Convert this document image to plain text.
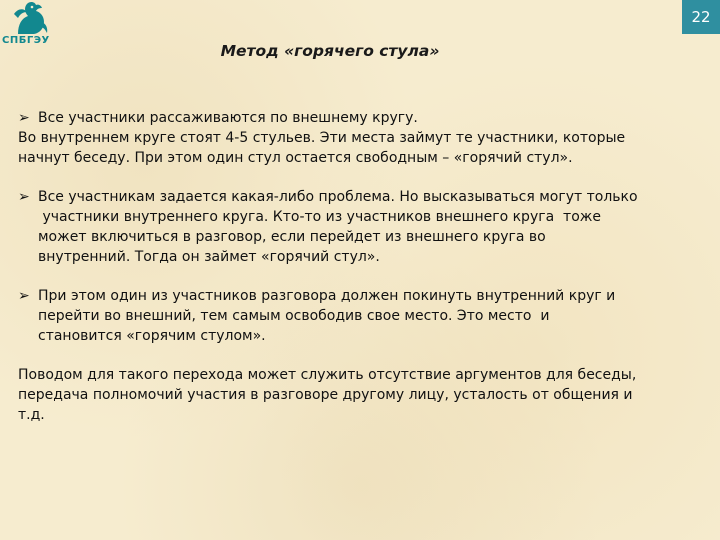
СПБГЭУ
22
Метод «горячего стула»
➢ Все участники рассаживаются по внешнему кругу.
Во внутреннем круге стоят 4-5 стульев. Эти места займут те участники, которые
начнут беседу. При этом один стул остается свободным – «горячий стул».
➢ Все участникам задается какая-либо проблема. Но высказываться могут только
участники внутреннего круга. Кто-то из участников внешнего круга  тоже
может включиться в разговор, если перейдет из внешнего круга во
внутренний. Тогда он займет «горячий стул».
➢ При этом один из участников разговора должен покинуть внутренний круг и
перейти во внешний, тем самым освободив свое место. Это место  и
становится «горячим стулом».
Поводом для такого перехода может служить отсутствие аргументов для беседы,
передача полномочий участия в разговоре другому лицу, усталость от общения и
т.д.
